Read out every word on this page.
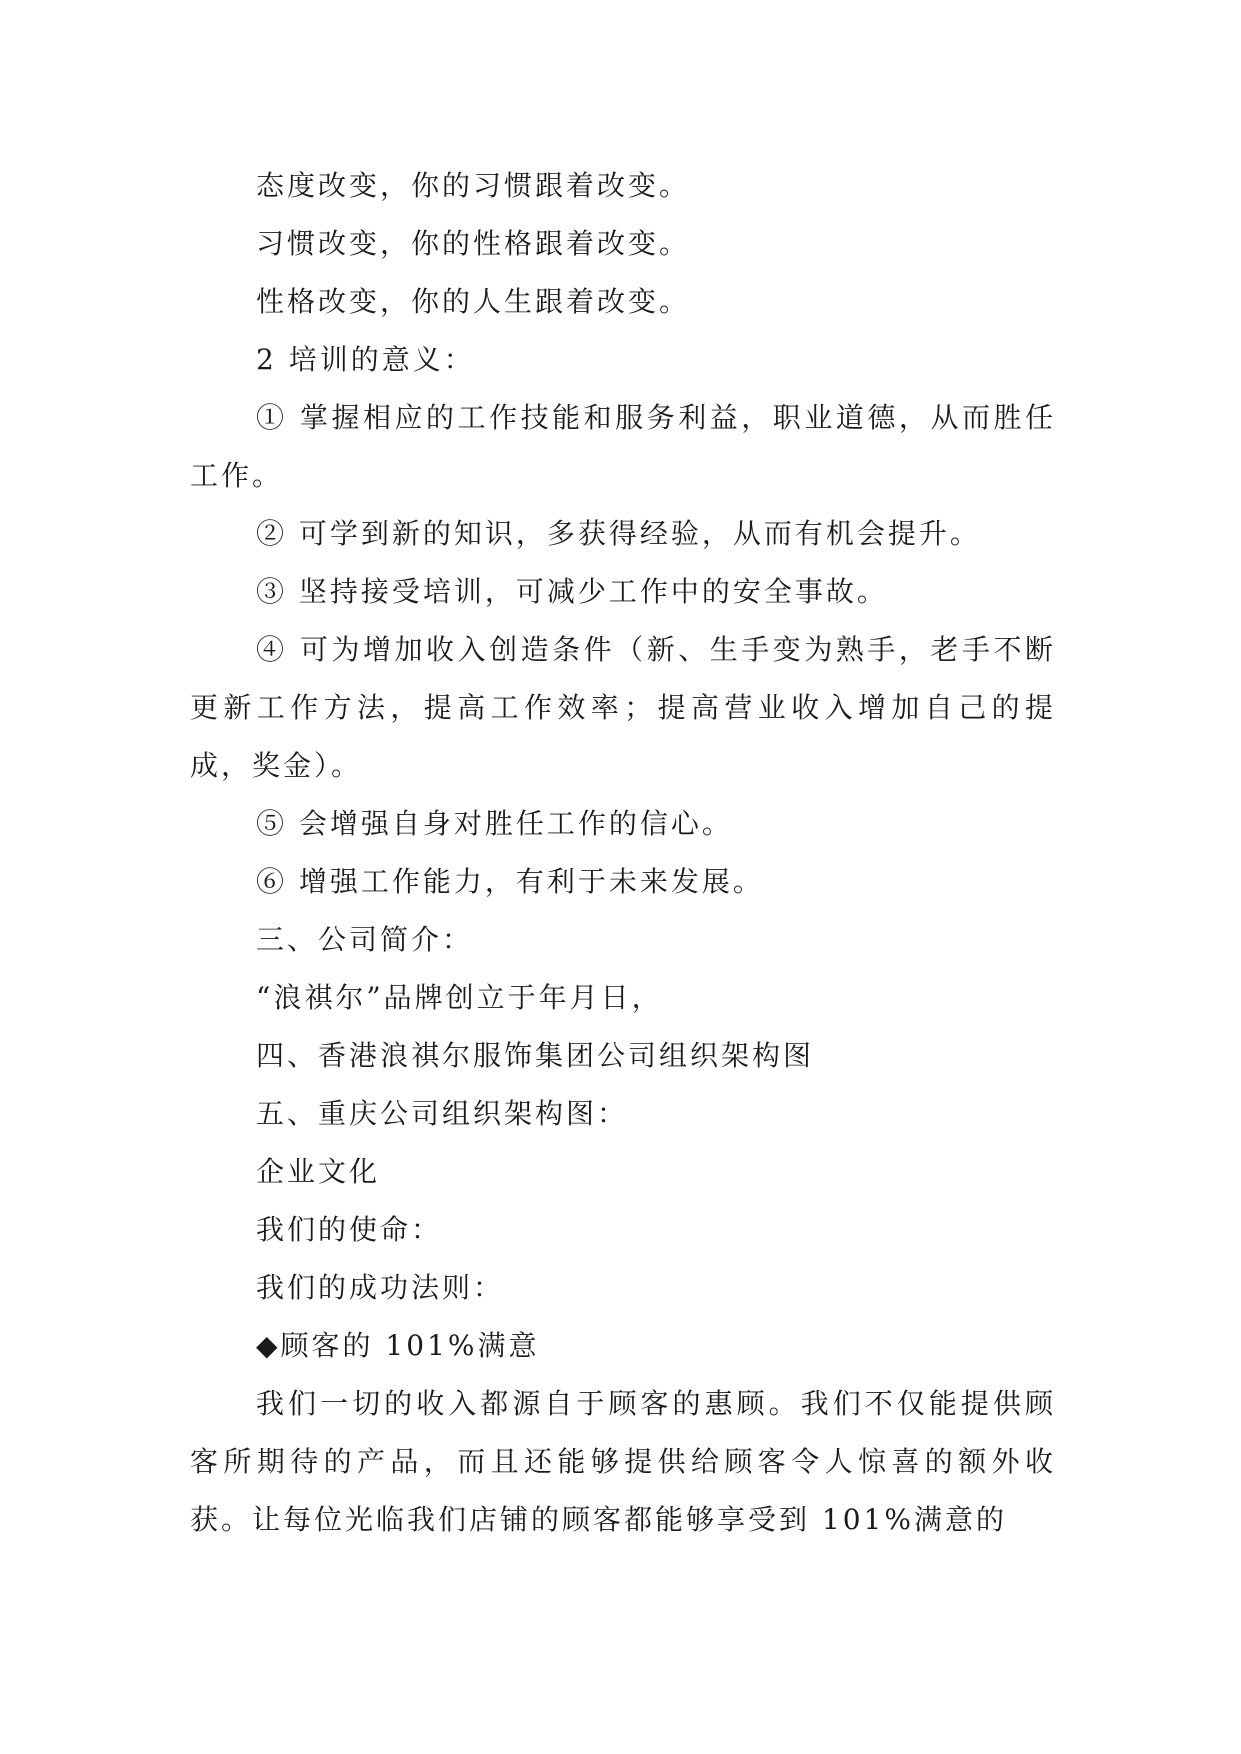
态度改变，你的习惯跟着改变。

习惯改变，你的性格跟着改变。

性格改变，你的人生跟着改变。

2 培训的意义：

① 掌握相应的工作技能和服务利益，职业道德，从而胜任工作。

② 可学到新的知识，多获得经验，从而有机会提升。

③ 坚持接受培训，可减少工作中的安全事故。

④ 可为增加收入创造条件（新、生手变为熟手，老手不断更新工作方法，提高工作效率；提高营业收入增加自己的提成，奖金）。

⑤ 会增强自身对胜任工作的信心。

⑥ 增强工作能力，有利于未来发展。

三、公司简介：

“浪祺尔”品牌创立于年月日，

四、香港浪祺尔服饰集团公司组织架构图

五、重庆公司组织架构图：

企业文化

我们的使命：

我们的成功法则：

◆顾客的 101%满意

我们一切的收入都源自于顾客的惠顾。我们不仅能提供顾客所期待的产品，而且还能够提供给顾客令人惊喜的额外收获。让每位光临我们店铺的顾客都能够享受到 101%满意的
